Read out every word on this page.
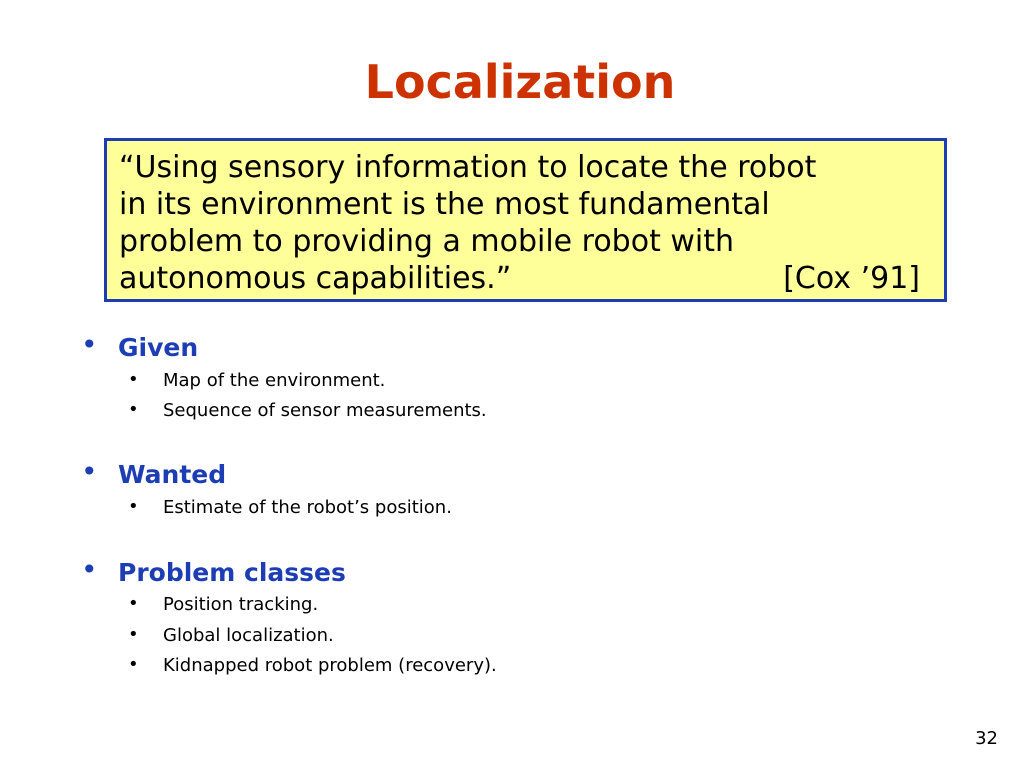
Localization
“Using sensory information to locate the robot
in its environment is the most fundamental
problem to providing a mobile robot with
autonomous capabilities.”	[Cox ’91]
• Given
•	Map of the environment.
•	Sequence of sensor measurements.
• Wanted
•	Estimate of the robot’s position.
• Problem classes
•	Position tracking.
•	Global localization.
•	Kidnapped robot problem (recovery).
32
